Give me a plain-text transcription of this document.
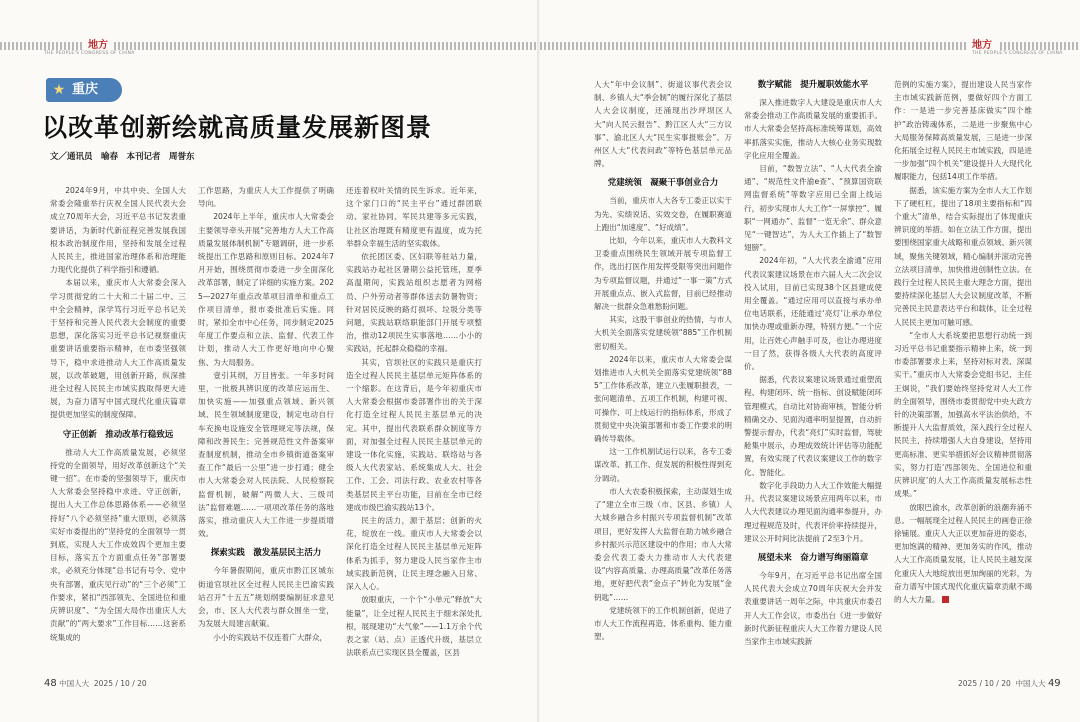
地方
THE PEOPLE'S CONGRESS OF CHINA
★ 重庆
以改革创新绘就高质量发展新图景
文／通讯员　喻春　本刊记者　周誉东

2024年9月，中共中央、全国人大常委会隆重举行庆祝全国人民代表大会成立70周年大会，习近平总书记发表重要讲话，为新时代新征程完善发展我国根本政治制度作用，坚持和发展全过程人民民主，推进国家治理体系和治理能力现代化提供了科学指引和遵循。

本届以来，重庆市人大常委会深入学习贯彻党的二十大和二十届二中、三中全会精神，深学笃行习近平总书记关于坚持和完善人民代表大会制度的重要思想，深化落实习近平总书记视察重庆重要讲话重要指示精神，在市委坚强领导下，稳中求进推动人大工作高质量发展，以改革破题，用创新开路，纵深推进全过程人民民主市域实践取得更大进展，为奋力谱写中国式现代化重庆篇章提供更加坚实的制度保障。

守正创新　推动改革行稳致远

推动人大工作高质量发展，必须坚持党的全面领导，用好改革创新这个“关键一招”。在市委的坚强领导下，重庆市人大常委会坚持稳中求进、守正创新，提出人大工作总体思路体系——必须坚持好“八个必须坚持”重大原则，必须落实好市委提出的“坚持党的全面领导一贯到底，实现人大工作成效四个更加主要目标，落实五个方面重点任务”部署要求，必须充分体现“总书记有号令、党中央有部署，重庆见行动”的“三个必须”工作要求，紧扣“西部领先、全国进位和重庆辨识度”、“为全国大局作出重庆人大贡献”的“两大要求”工作目标……这套系统集成的

工作思路，为重庆人大工作提供了明确导向。

2024年上半年，重庆市人大常委会主要领导牵头开展“完善地方人大工作高质量发展体制机制”专题调研，进一步系统提出工作思路和原则目标。2024年7月开始，围绕贯彻市委进一步全面深化改革部署，制定了详细的实施方案。2025—2027年重点改革项目清单和重点工作项目清单，报市委批准后实施。同时，紧扣全市中心任务，同步制定2025年度工作要点和立法、监督、代表工作计划，推动人大工作更好地向中心聚焦、为大局服务。

壹引其纲，万目皆张。一年多时间里，一批极具辨识度的改革应运而生、加快实施——加强重点领域、新兴领域、民生领域制度建设，制定电动自行车充换电设施安全管理规定等法规，保障和改善民生；完善规范性文件备案审查制度机制，推动全市乡镇街道备案审查工作“最后一公里”进一步打通；健全市人大常委会对人民法院、人民检察院监督机制，破解“两微人大、三级司法”监督难题……一项项改革任务的落地落实，推动重庆人大工作进一步提质增效。

探索实践　激发基层民主活力

今年暑假期间，重庆市黔江区城东街道官坝社区全过程人民民主巴渝实践站召开“十五五”规划纲要编制征求意见会，市、区人大代表与群众围坐一堂，为发展大局建言献策。

小小的实践站不仅连着广大群众，

还连着权叶关情的民生诉求。近年来，这个家门口的“民主平台”通过群团联动、家社协同、军民共建等多元实践，让社区治理既有精度更有温度，成为托举群众幸福生活的坚实载体。

依托团区委、区妇联等驻站力量，实践站办起社区暑期公益托管班，夏季高温期间，实践站组织志愿者为网格员、户外劳动者等群体送去防暑物资；针对居民反映的路灯损坏、垃圾分类等问题，实践站联络职能部门开展专项整治，推动12项民生实事落地……小小的实践站，托起群众稳稳的幸福。

其实，官坝社区的实践只是重庆打造全过程人民民主基层单元矩阵体系的一个缩影。在这背后，是今年初重庆市人大常委会根据市委部署作出的关于深化打造全过程人民民主基层单元的决定。其中，提出代表联系群众制度等方面，对加强全过程人民民主基层单元的建设一体化实施，实践站、联络站与各级人大代表家站、系统集成人大、社会工作、工会、司法行政、农业农村等各类基层民主平台功能，目前在全市已经建成市级巴渝实践站13个。

民主的活力，源于基层；创新的火花，绽放在一线。重庆市人大常委会以深化打造全过程人民民主基层单元矩阵体系为抓手，努力建设人民当家作主市域实践新范例，让民主理念融入日常、深入人心。

放眼重庆，一个个“小单元”释放“大能量”，让全过程人民民主于细末深处扎根，展现建功“大气象”——1.1万余个代表之家（站、点）正透代升级，基层立法联系点已实现区县全覆盖，区县

48 中国人大 2025 / 10 / 20
地方
THE PEOPLE'S CONGRESS OF CHINA

人大“年中会议制”、街道议事代表会议制、乡镇人大“季会制”的履行深化了基层人大会议制度，还涌现出沙坪坝区人大“向人民云报告”、黔江区人大“三方议事”、渝北区人大“民生实事报账会”、万州区人大“代表问政”等特色基层单元品牌。

党建统领　凝聚干事创业合力

当前，重庆市人大各专工委正以实干为先、实绩说话、实效交卷，在履职赛道上跑出“加速度”、“好成绩”。

比如，今年以来，重庆市人大教科文卫委重点围绕民生领域开展专项监督工作，选出打医作用发挥受限等突出问题作为专项监督议题，并通过“一事一策”方式开展重点点、嵌入式监督，目前已经推动解决一批群众急难愁盼问题。

其实，这股干事创业的热情，与市人大机关全面落实党建统领“885”工作机制密切相关。

2024年以来，重庆市人大常委会谋划推进市人大机关全面落实党建统领“885”工作体系改革，建立八张履职报表，一张问题清单、五项工作机制，构建可视、可操作、可上线运行的指标体系，形成了贯彻党中央决策部署和市委工作要求的明确传导载体。

这一工作机制试运行以来，各专工委谋改革、抓工作、促发展的积极性得到充分调动。

市人大农委积极探索，主动谋划生成了“建立全市三级（市、区县、乡镇）人大城乡融合乡村振兴专项监督机制”改革项目，更好发挥人大监督在助力城乡融合乡村振兴示范区建设中的作用；市人大常委会代表工委大力推动市人大代表建设“内容高质量、办理高质量”改革任务落地，更好把代表“金点子”转化为发展“金钥匙”……

党建统领下的工作机制创新，促进了市人大工作流程再造、体系重构、能力重塑。

数字赋能　提升履职效能水平

深入推进数字人大建设是重庆市人大常委会推动工作高质量发展的重要抓手。市人大常委会坚持高标准统筹谋划，高效率抓落实实施，推动人大核心业务实现数字化应用全覆盖。

目前，“数智立法”、“人大代表全渝通”、“规范性文件渝e查”、“预算国资联网监督系统”等数字应用已全面上线运行，初步实现市人大工作“一屏掌控”、履职“一网通办”、监督“一览无余”、群众意见“一键智达”，为人大工作插上了“数智翅膀”。

2024年初，“人大代表全渝通”应用代表议案建议场景在市六届人大二次会议投入试用，目前已实现38个区县建成使用全覆盖。“通过应用可以直接与承办单位电话联系，还能通过‘亮灯’让承办单位加快办理或重新办理，特别方便。”一个应用，让百姓心声触手可及，也让办理进度一目了然，获得各级人大代表的高度评价。

据悉，代表议案建议场景通过重塑流程、构建闭环、统一指标、创设赋能闭环管理模式，自动比对协商审核，智能分析精确交办、见面沟通率明显提置，自动折警提示督办，代表“亮灯”实时监督，驾驶舱集中展示，办理成效统计评估等功能配置，有效实现了代表议案建议工作的数字化、智能化。

数字化手段助力人大工作效能大幅提升。代表议案建议场景应用两年以来，市人大代表建议办理见面沟通率参提升，办理过程规范及时，代表评价率持续提升，建议公开时间比法提前了2至3个月。

展望未来　奋力谱写绚丽篇章

今年9月，在习近平总书记出席全国人民代表大会成立70周年庆祝大会并发表重要讲话一周年之际，中共重庆市委召开人大工作会议，市委出台《进一步做好新时代新征程重庆人大工作着力建设人民当家作主市域实践新

范例的实施方案》，提出建设人民当家作主市域实践新范例，要做好四个方面工作：一是进一步完善基床做实“四个维护”政治铸魂体系，二是进一步聚焦中心大局服务保障高质量发展，三是进一步深化拓展全过程人民民主市域实践，四是进一步加强“四个机关”建设提升人大现代化履职能力，包括14项工作举措。

据悉，该实施方案为全市人大工作划下了硬杠杠，提出了18项主要指标和“四个重大”清单，结合实际提出了体现重庆辨识度的举措。如在立法工作方面，提出要围绕国家重大战略和重点领域、新兴领域，聚焦关键领域，精心编制并滚动完善立法项目清单，加快推进创制性立法。在践行全过程人民民主重大理念方面，提出要持续深化基层人大会议制度改革，不断完善民主民意表达平台和载体，让全过程人民民主更加可触可感。

“全市人大系统要把思想行动统一到习近平总书记重要指示精神上来，统一到市委部署要求上来，坚持对标对表、深谋实干。”重庆市人大常委会党组书记、主任王炯说，“我们要始终坚持党对人大工作的全面领导，围绕市委贯彻党中央大政方针的决策部署，加强高水平法治供给，不断提升人大监督质效，深入践行全过程人民民主，持续增强人大自身建设，坚持用更高标准、更实举措抓好会议精神贯彻落实，努力打造‘西部领先、全国进位和重庆辨识度’的人大工作高质量发展标志性成果。”

放眼巴渝水，改革创新的浪潮奔涌不息。一幅展现全过程人民民主的画卷正徐徐铺展。重庆人大正以更加奋进的姿态，更加饱满的精神、更加务实的作风，推动人大工作高质量发展，让人民民主越发深化重庆人大地绽放出更加绚丽的光彩，为奋力谱写中国式现代化重庆篇章贡献不竭的人大力量。

2025 / 10 / 20 中国人大 49
